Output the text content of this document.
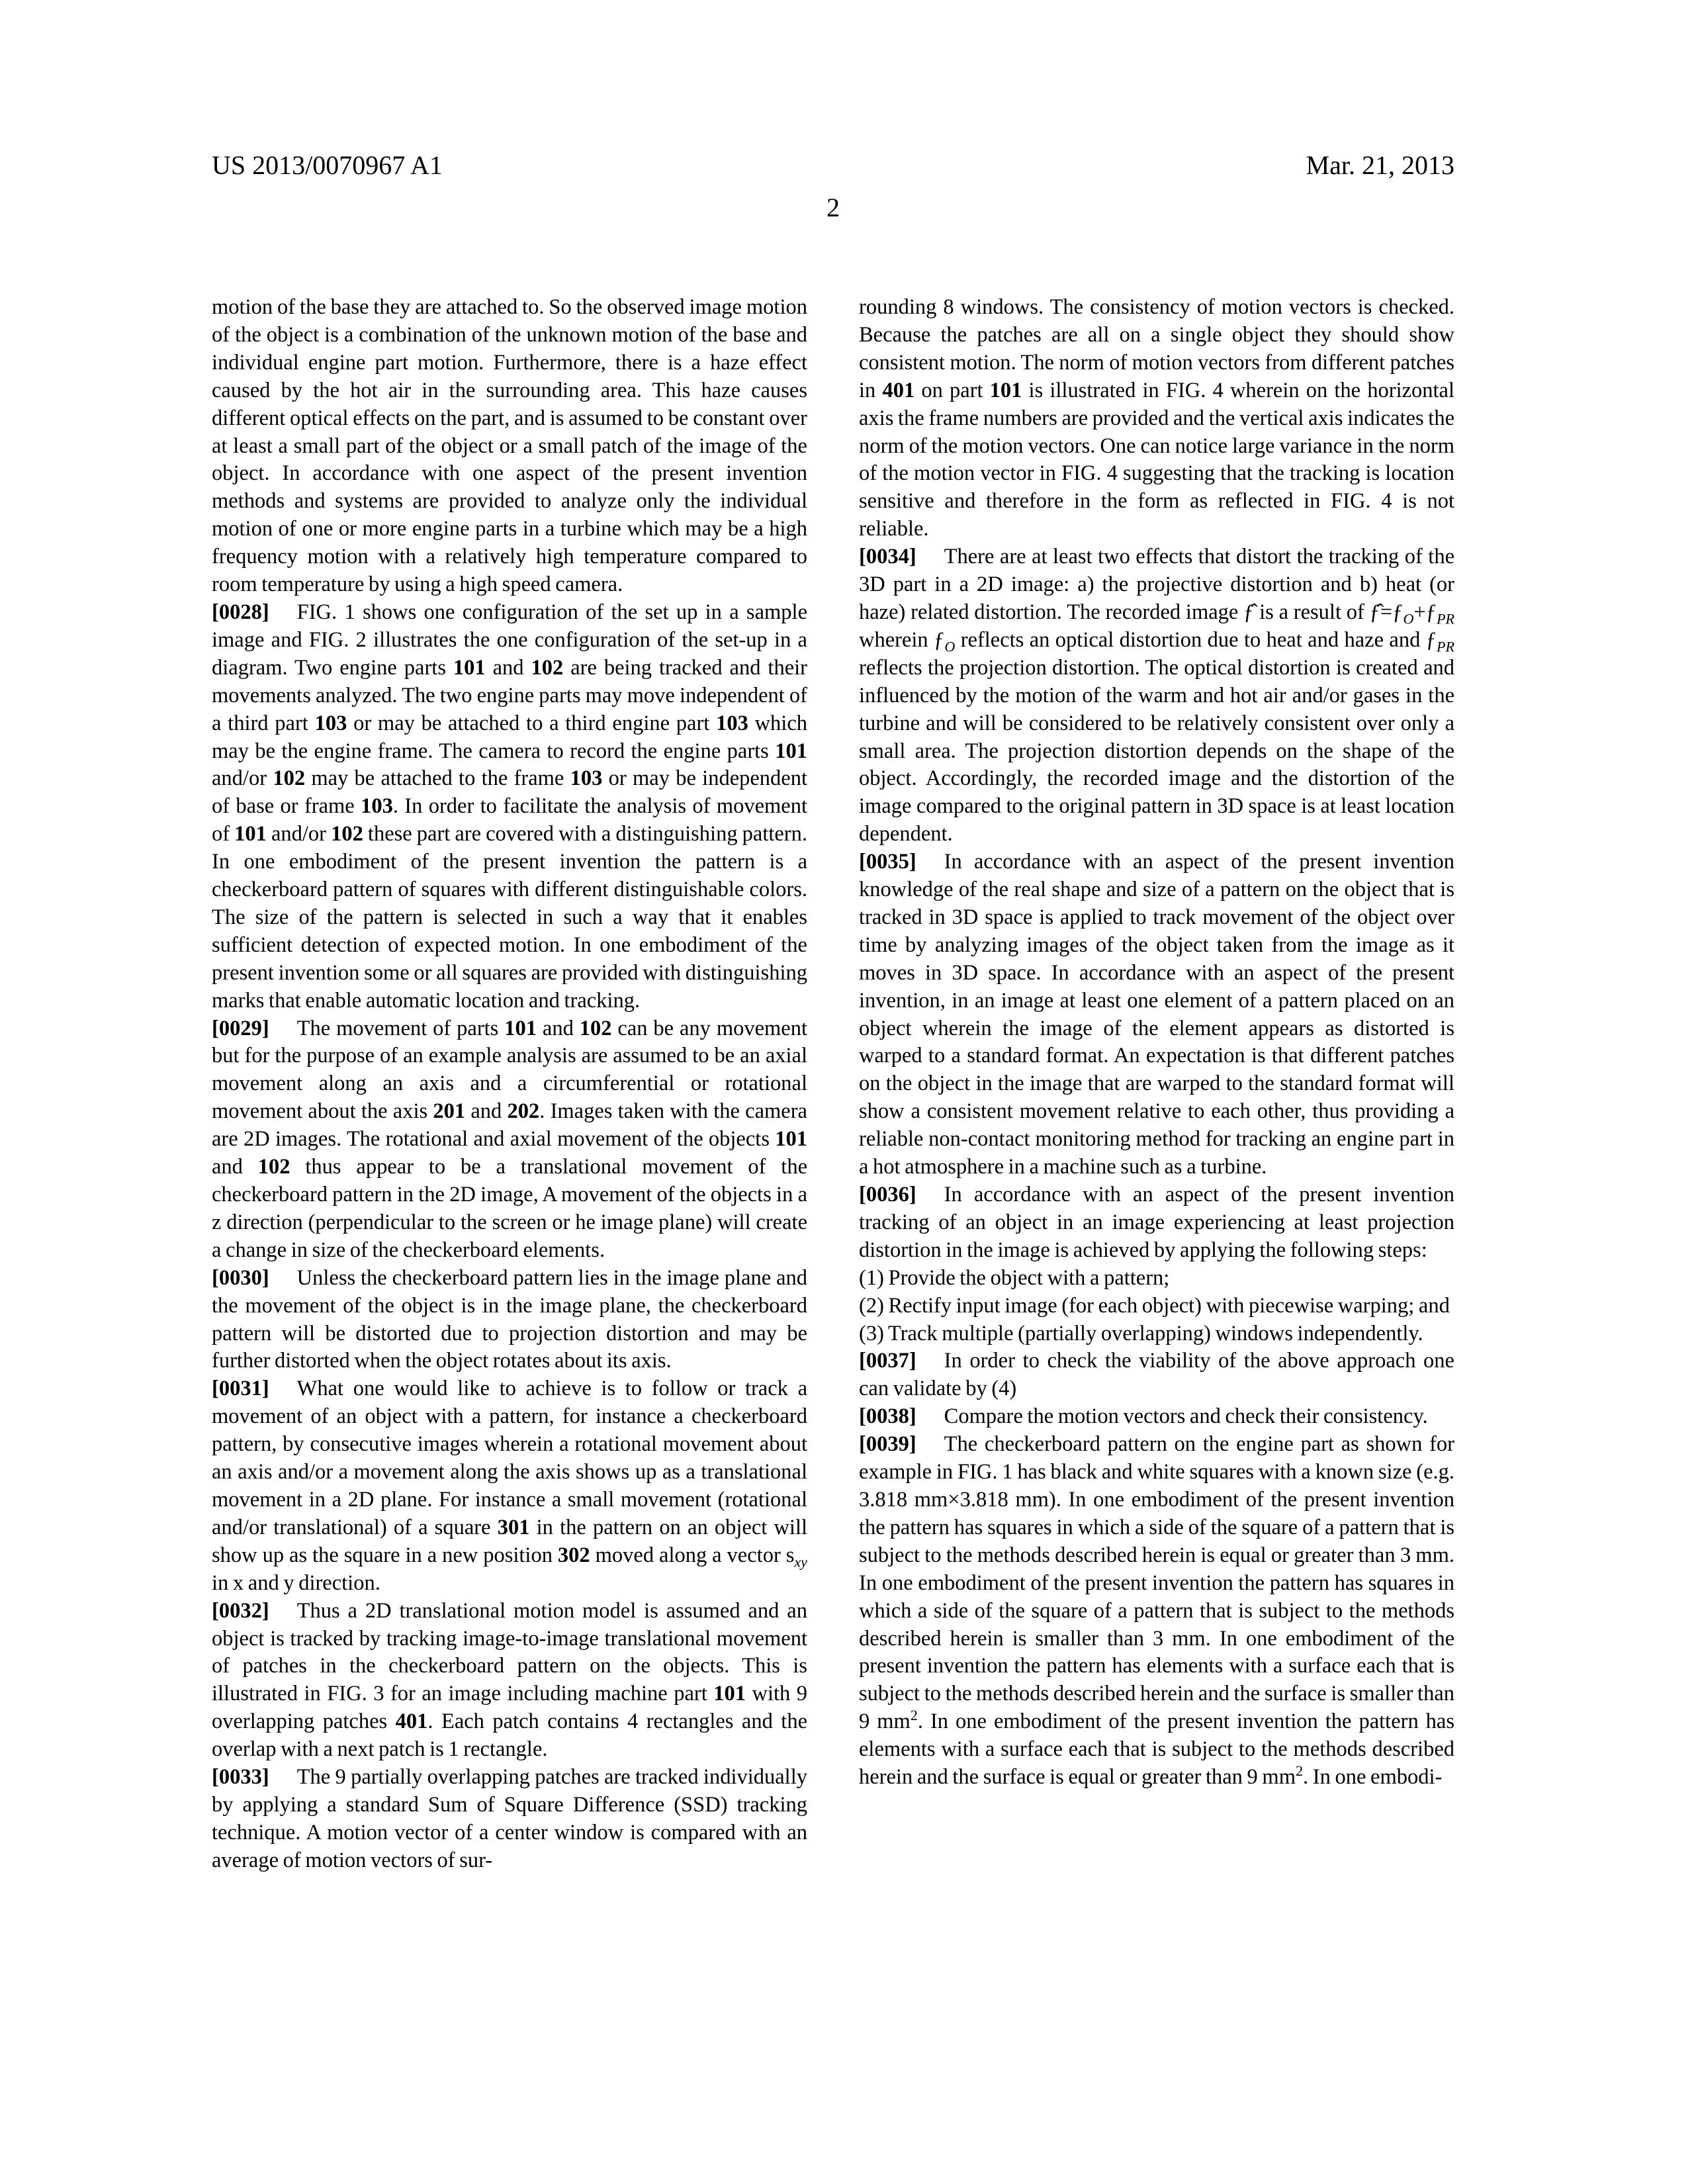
US 2013/0070967 A1	Mar. 21, 2013
2

motion of the base they are attached to. So the observed image motion of the object is a combination of the unknown motion of the base and individual engine part motion. Furthermore, there is a haze effect caused by the hot air in the surrounding area. This haze causes different optical effects on the part, and is assumed to be constant over at least a small part of the object or a small patch of the image of the object. In accordance with one aspect of the present invention methods and systems are provided to analyze only the individual motion of one or more engine parts in a turbine which may be a high frequency motion with a relatively high temperature compared to room temperature by using a high speed camera.

[0028] FIG. 1 shows one configuration of the set up in a sample image and FIG. 2 illustrates the one configuration of the set-up in a diagram. Two engine parts 101 and 102 are being tracked and their movements analyzed. The two engine parts may move independent of a third part 103 or may be attached to a third engine part 103 which may be the engine frame. The camera to record the engine parts 101 and/or 102 may be attached to the frame 103 or may be independent of base or frame 103. In order to facilitate the analysis of movement of 101 and/or 102 these part are covered with a distinguishing pattern. In one embodiment of the present invention the pattern is a checkerboard pattern of squares with different distinguishable colors. The size of the pattern is selected in such a way that it enables sufficient detection of expected motion. In one embodiment of the present invention some or all squares are provided with distinguishing marks that enable automatic location and tracking.

[0029] The movement of parts 101 and 102 can be any movement but for the purpose of an example analysis are assumed to be an axial movement along an axis and a circumferential or rotational movement about the axis 201 and 202. Images taken with the camera are 2D images. The rotational and axial movement of the objects 101 and 102 thus appear to be a translational movement of the checkerboard pattern in the 2D image, A movement of the objects in a z direction (perpendicular to the screen or he image plane) will create a change in size of the checkerboard elements.

[0030] Unless the checkerboard pattern lies in the image plane and the movement of the object is in the image plane, the checkerboard pattern will be distorted due to projection distortion and may be further distorted when the object rotates about its axis.

[0031] What one would like to achieve is to follow or track a movement of an object with a pattern, for instance a checkerboard pattern, by consecutive images wherein a rotational movement about an axis and/or a movement along the axis shows up as a translational movement in a 2D plane. For instance a small movement (rotational and/or translational) of a square 301 in the pattern on an object will show up as the square in a new position 302 moved along a vector $s_{xy}$ in x and y direction.

[0032] Thus a 2D translational motion model is assumed and an object is tracked by tracking image-to-image translational movement of patches in the checkerboard pattern on the objects. This is illustrated in FIG. 3 for an image including machine part 101 with 9 overlapping patches 401. Each patch contains 4 rectangles and the overlap with a next patch is 1 rectangle.

[0033] The 9 partially overlapping patches are tracked individually by applying a standard Sum of Square Difference (SSD) tracking technique. A motion vector of a center window is compared with an average of motion vectors of sur-

rounding 8 windows. The consistency of motion vectors is checked. Because the patches are all on a single object they should show consistent motion. The norm of motion vectors from different patches in 401 on part 101 is illustrated in FIG. 4 wherein on the horizontal axis the frame numbers are provided and the vertical axis indicates the norm of the motion vectors. One can notice large variance in the norm of the motion vector in FIG. 4 suggesting that the tracking is location sensitive and therefore in the form as reflected in FIG. 4 is not reliable.

[0034] There are at least two effects that distort the tracking of the 3D part in a 2D image: a) the projective distortion and b) heat (or haze) related distortion. The recorded image ƒ̂ is a result of $ƒ̂=ƒ_O+ƒ_{PR}$ wherein $ƒ_O$ reflects an optical distortion due to heat and haze and $ƒ_{PR}$ reflects the projection distortion. The optical distortion is created and influenced by the motion of the warm and hot air and/or gases in the turbine and will be considered to be relatively consistent over only a small area. The projection distortion depends on the shape of the object. Accordingly, the recorded image and the distortion of the image compared to the original pattern in 3D space is at least location dependent.

[0035] In accordance with an aspect of the present invention knowledge of the real shape and size of a pattern on the object that is tracked in 3D space is applied to track movement of the object over time by analyzing images of the object taken from the image as it moves in 3D space. In accordance with an aspect of the present invention, in an image at least one element of a pattern placed on an object wherein the image of the element appears as distorted is warped to a standard format. An expectation is that different patches on the object in the image that are warped to the standard format will show a consistent movement relative to each other, thus providing a reliable non-contact monitoring method for tracking an engine part in a hot atmosphere in a machine such as a turbine.

[0036] In accordance with an aspect of the present invention tracking of an object in an image experiencing at least projection distortion in the image is achieved by applying the following steps:

(1) Provide the object with a pattern;

(2) Rectify input image (for each object) with piecewise warping; and

(3) Track multiple (partially overlapping) windows independently.

[0037] In order to check the viability of the above approach one can validate by (4)

[0038] Compare the motion vectors and check their consistency.

[0039] The checkerboard pattern on the engine part as shown for example in FIG. 1 has black and white squares with a known size (e.g. 3.818 mm×3.818 mm). In one embodiment of the present invention the pattern has squares in which a side of the square of a pattern that is subject to the methods described herein is equal or greater than 3 mm. In one embodiment of the present invention the pattern has squares in which a side of the square of a pattern that is subject to the methods described herein is smaller than 3 mm. In one embodiment of the present invention the pattern has elements with a surface each that is subject to the methods described herein and the surface is smaller than 9 $mm^2$. In one embodiment of the present invention the pattern has elements with a surface each that is subject to the methods described herein and the surface is equal or greater than 9 $mm^2$. In one embodi-
